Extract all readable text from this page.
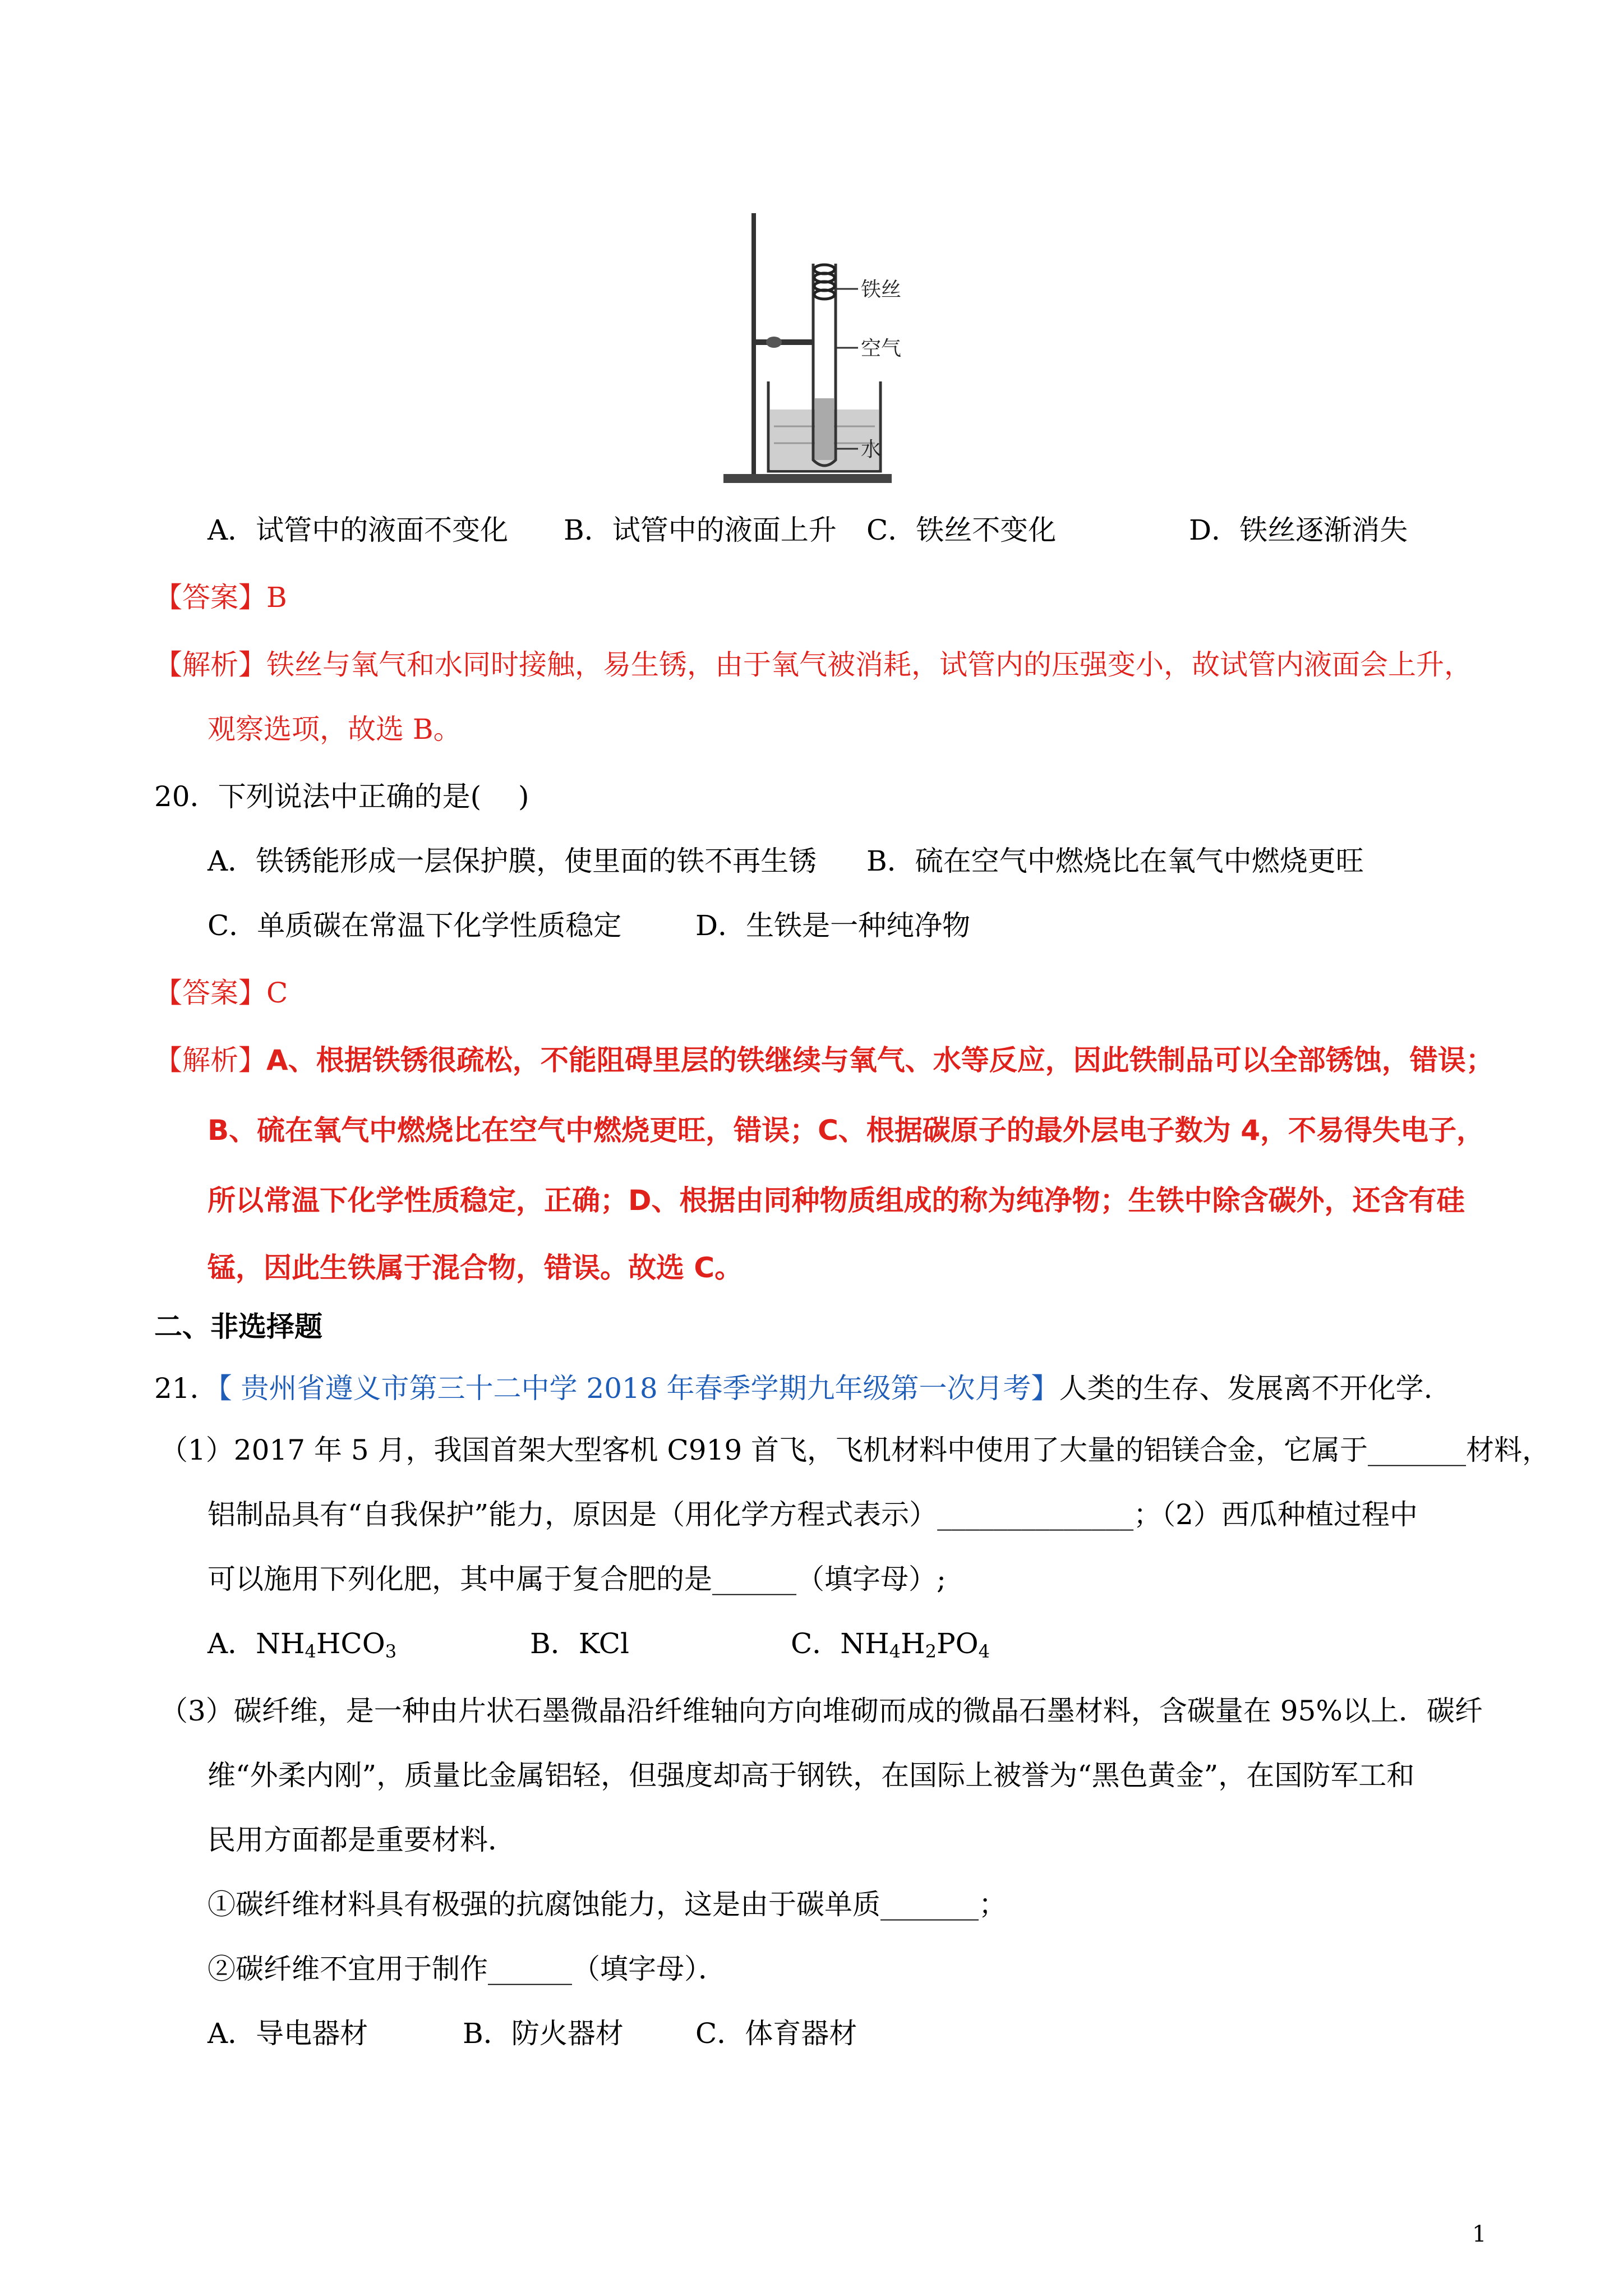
铁丝
空气
水
A．试管中的液面不变化 B．试管中的液面上升 C．铁丝不变化	D．铁丝逐渐消失
【答案】B
【解析】铁丝与氧气和水同时接触，易生锈，由于氧气被消耗，试管内的压强变小，故试管内液面会上升，
观察选项，故选 B。
20．下列说法中正确的是(　 )
A．铁锈能形成一层保护膜，使里面的铁不再生锈 B．硫在空气中燃烧比在氧气中燃烧更旺
C．单质碳在常温下化学性质稳定	D．生铁是一种纯净物
【答案】C
【解析】A、根据铁锈很疏松，不能阻碍里层的铁继续与氧气、水等反应，因此铁制品可以全部锈蚀，错误；
B、硫在氧气中燃烧比在空气中燃烧更旺，错误；C、根据碳原子的最外层电子数为 4，不易得失电子，
所以常温下化学性质稳定，正确；D、根据由同种物质组成的称为纯净物；生铁中除含碳外，还含有硅
锰，因此生铁属于混合物，错误。故选 C。
二、非选择题
21．【 贵州省遵义市第三十二中学 2018 年春季学期九年级第一次月考】人类的生存、发展离不开化学.
（1）2017 年 5 月，我国首架大型客机 C919 首飞，飞机材料中使用了大量的铝镁合金，它属于_______材料，
铝制品具有“自我保护”能力，原因是（用化学方程式表示）______________；（2）西瓜种植过程中
可以施用下列化肥，其中属于复合肥的是______（填字母）;
A．$NH_4HCO_3$	B．KCl	C．$NH_4H_2PO_4$
（3）碳纤维，是一种由片状石墨微晶沿纤维轴向方向堆砌而成的微晶石墨材料，含碳量在 95%以上．碳纤
维“外柔内刚”，质量比金属铝轻，但强度却高于钢铁，在国际上被誉为“黑色黄金”，在国防军工和
民用方面都是重要材料．
①碳纤维材料具有极强的抗腐蚀能力，这是由于碳单质_______；
②碳纤维不宜用于制作______（填字母）．
A．导电器材	B．防火器材	C．体育器材
1
